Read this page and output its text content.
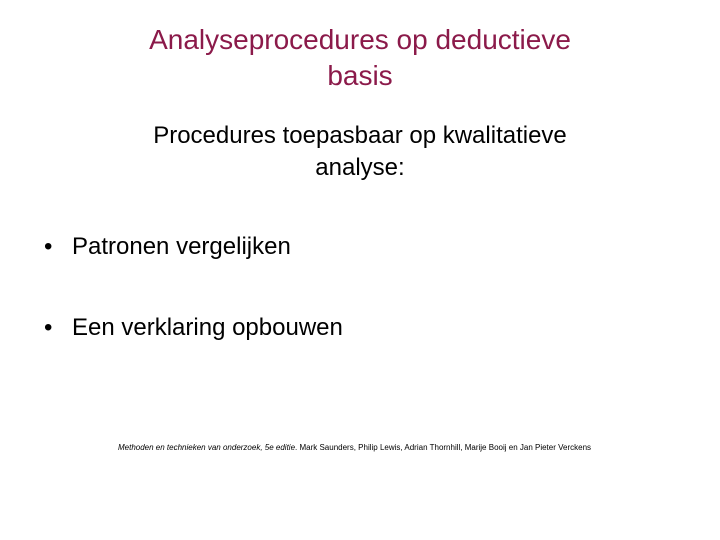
Analyseprocedures op deductieve
basis

Procedures toepasbaar op kwalitatieve
analyse:

• Patronen vergelijken
• Een verklaring opbouwen
Methoden en technieken van onderzoek, 5e editie. Mark Saunders, Philip Lewis, Adrian Thornhill, Marije Booij en Jan Pieter Verckens
